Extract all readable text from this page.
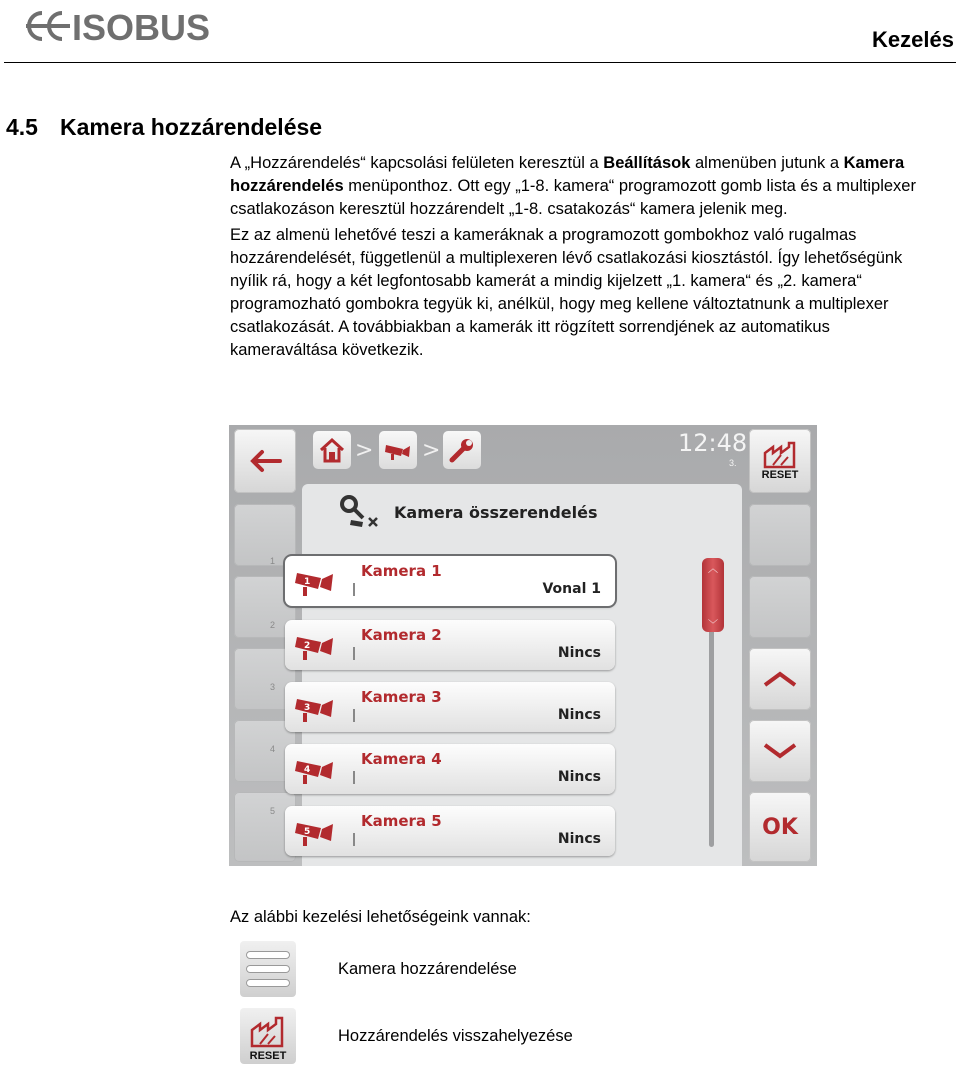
ISOBUS	Kezelés
4.5 Kamera hozzárendelése
A „Hozzárendelés“ kapcsolási felületen keresztül a Beállítások almenüben jutunk a Kamera hozzárendelés menüponthoz. Ott egy „1-8. kamera“ programozott gomb lista és a multiplexer csatlakozáson keresztül hozzárendelt „1-8. csatakozás“ kamera jelenik meg.
Ez az almenü lehetővé teszi a kameráknak a programozott gombokhoz való rugalmas hozzárendelését, függetlenül a multiplexeren lévő csatlakozási kiosztástól. Így lehetőségünk nyílik rá, hogy a két legfontosabb kamerát a mindig kijelzett „1. kamera“ és „2. kamera“ programozható gombokra tegyük ki, anélkül, hogy meg kellene változtatnunk a multiplexer csatlakozását. A továbbiakban a kamerák itt rögzített sorrendjének az automatikus kameraváltása következik.
> >	12:48
3.
RESET
OK
Kamera összerendelés
1
1
Kamera 1
Vonal 1
2
2
Kamera 2
Nincs
3
3
Kamera 3
Nincs
4
4
Kamera 4
Nincs
5
5
Kamera 5
Nincs
︿
﹀
Az alábbi kezelési lehetőségeink vannak:
Kamera hozzárendelése
RESET
Hozzárendelés visszahelyezése
